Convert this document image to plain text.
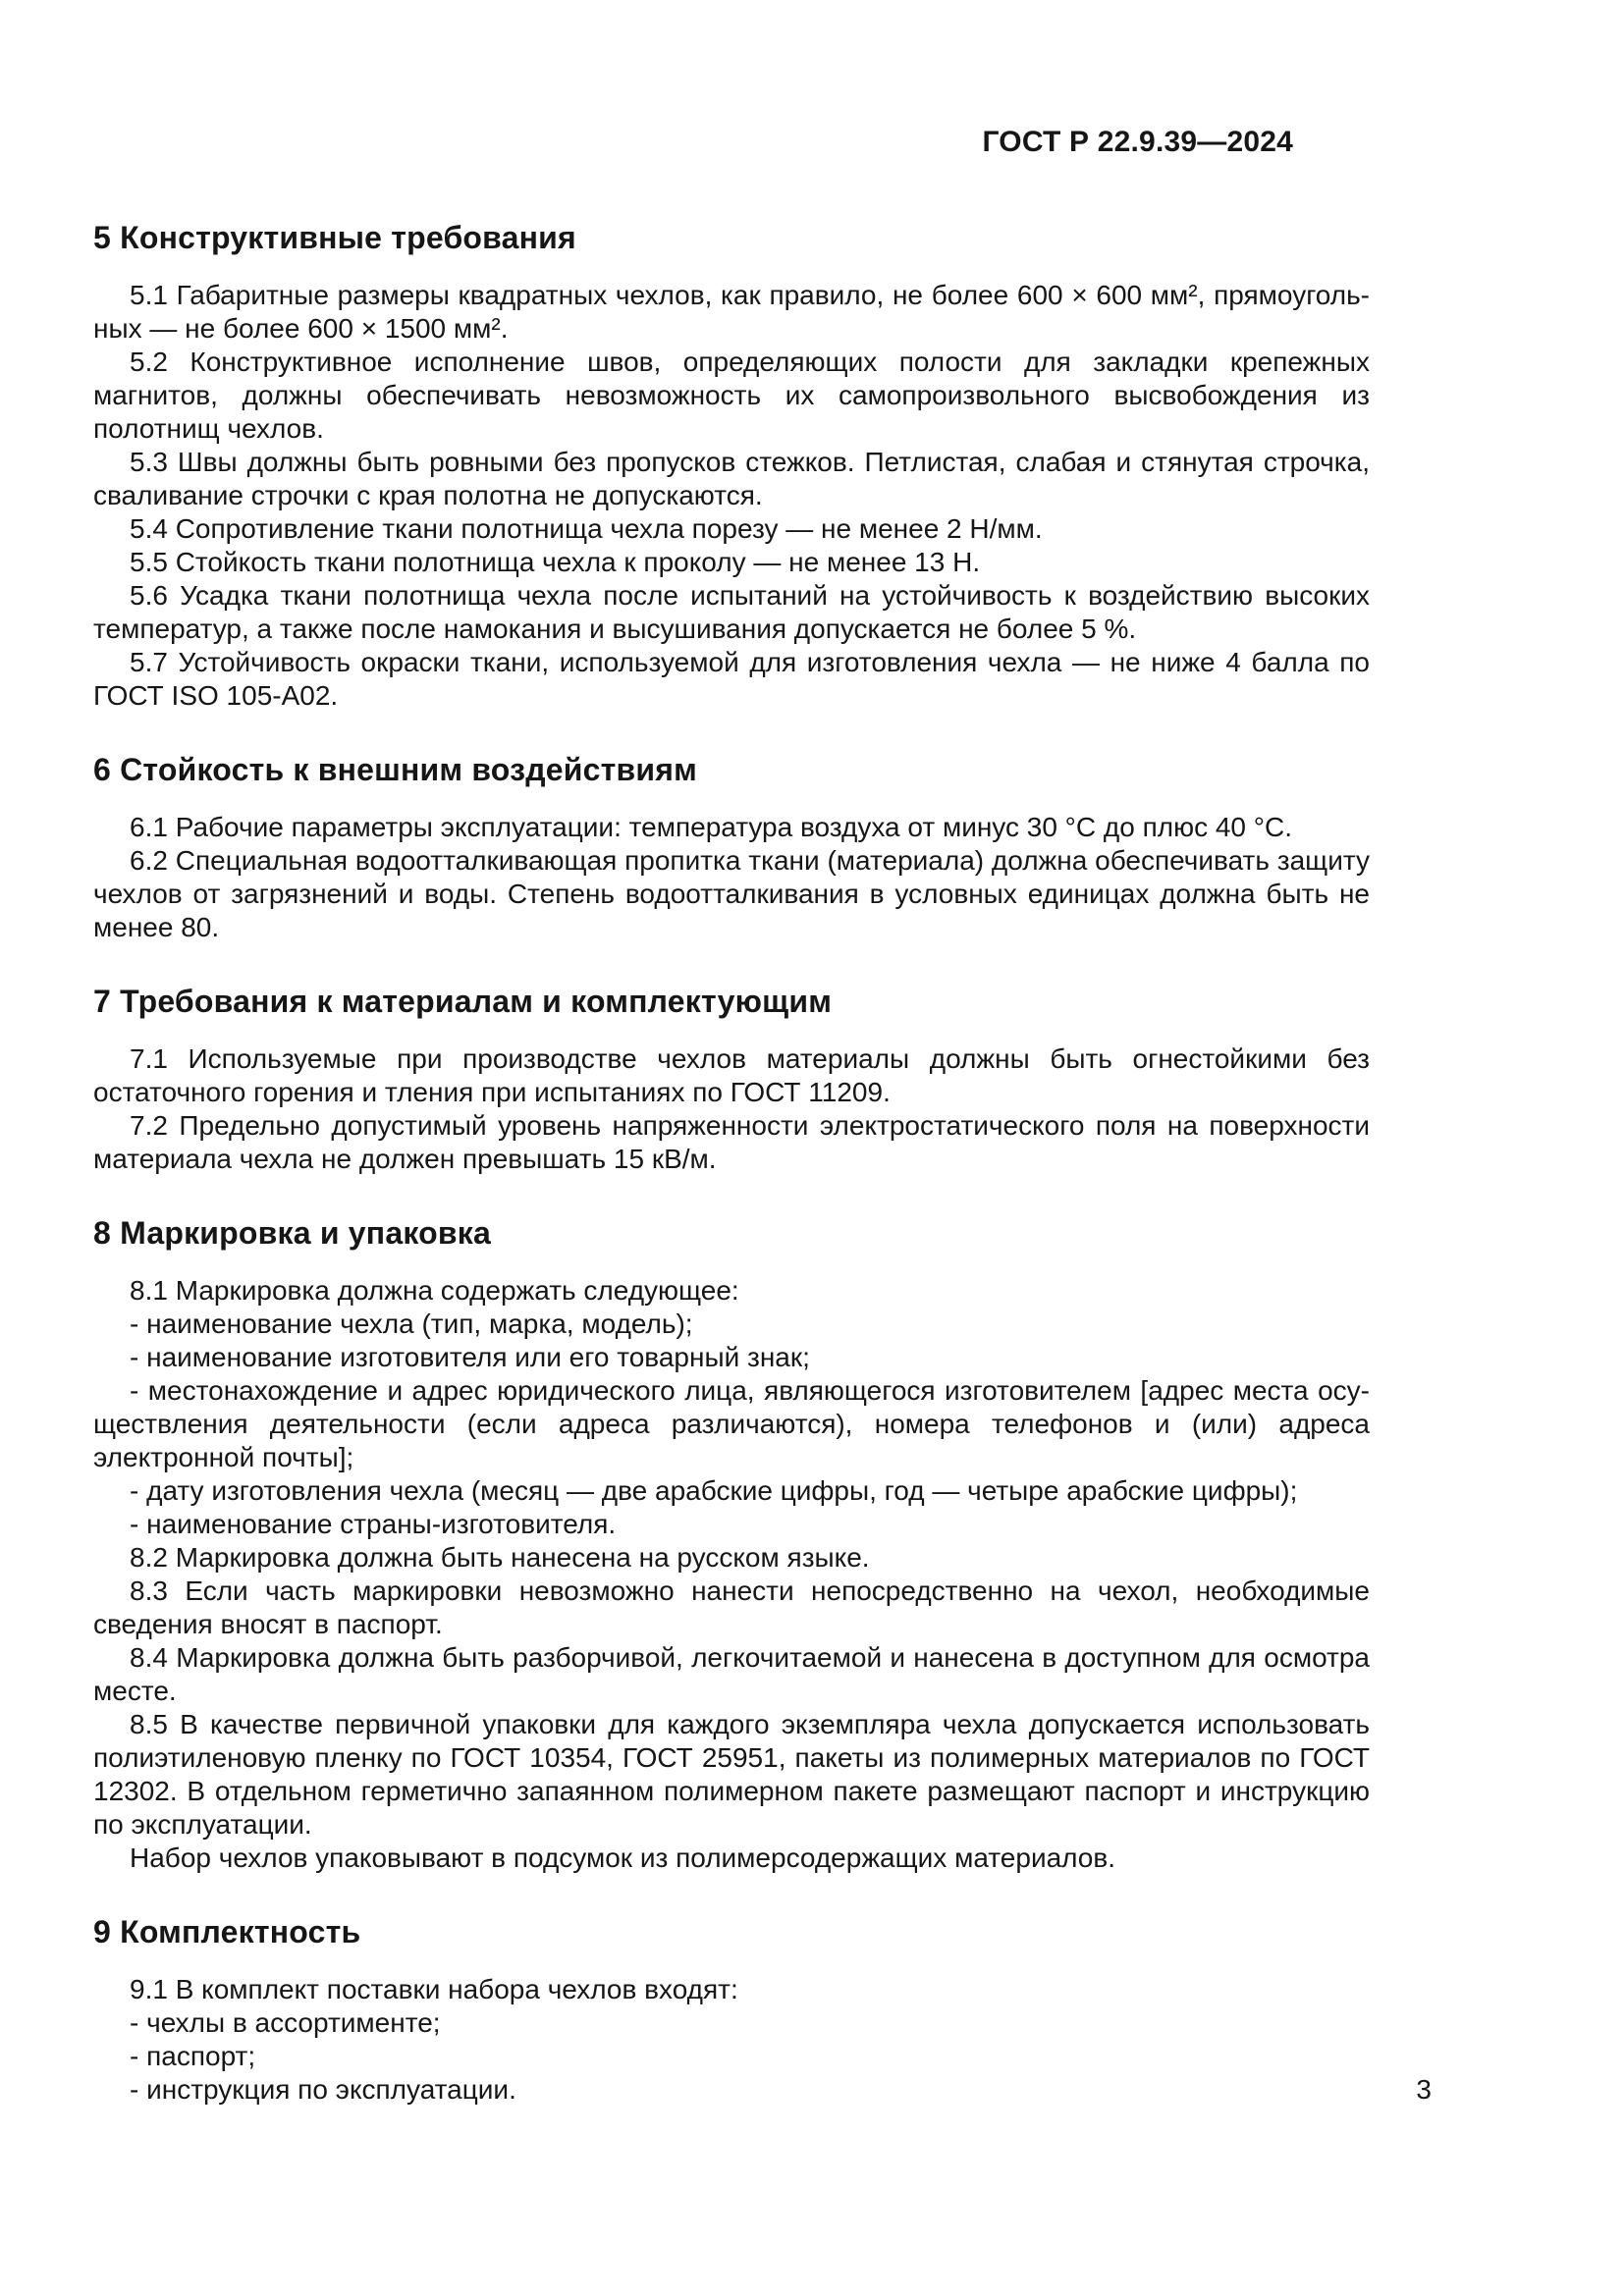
ГОСТ Р 22.9.39—2024
5 Конструктивные требования

5.1 Габаритные размеры квадратных чехлов, как правило, не более 600 × 600 мм², прямоугольных — не более 600 × 1500 мм².

5.2 Конструктивное исполнение швов, определяющих полости для закладки крепежных магнитов, должны обеспечивать невозможность их самопроизвольного высвобождения из полотнищ чехлов.

5.3 Швы должны быть ровными без пропусков стежков. Петлистая, слабая и стянутая строчка, сваливание строчки с края полотна не допускаются.

5.4 Сопротивление ткани полотнища чехла порезу — не менее 2 Н/мм.

5.5 Стойкость ткани полотнища чехла к проколу — не менее 13 Н.

5.6 Усадка ткани полотнища чехла после испытаний на устойчивость к воздействию высоких температур, а также после намокания и высушивания допускается не более 5 %.

5.7 Устойчивость окраски ткани, используемой для изготовления чехла — не ниже 4 балла по ГОСТ ISO 105-А02.

6 Стойкость к внешним воздействиям

6.1 Рабочие параметры эксплуатации: температура воздуха от минус 30 °С до плюс 40 °С.

6.2 Специальная водоотталкивающая пропитка ткани (материала) должна обеспечивать защиту чехлов от загрязнений и воды. Степень водоотталкивания в условных единицах должна быть не менее 80.

7 Требования к материалам и комплектующим

7.1 Используемые при производстве чехлов материалы должны быть огнестойкими без остаточного горения и тления при испытаниях по ГОСТ 11209.

7.2 Предельно допустимый уровень напряженности электростатического поля на поверхности материала чехла не должен превышать 15 кВ/м.

8 Маркировка и упаковка

8.1 Маркировка должна содержать следующее:

- наименование чехла (тип, марка, модель);

- наименование изготовителя или его товарный знак;

- местонахождение и адрес юридического лица, являющегося изготовителем [адрес места осуществления деятельности (если адреса различаются), номера телефонов и (или) адреса электронной почты];

- дату изготовления чехла (месяц — две арабские цифры, год — четыре арабские цифры);

- наименование страны-изготовителя.

8.2 Маркировка должна быть нанесена на русском языке.

8.3 Если часть маркировки невозможно нанести непосредственно на чехол, необходимые сведения вносят в паспорт.

8.4 Маркировка должна быть разборчивой, легкочитаемой и нанесена в доступном для осмотра месте.

8.5 В качестве первичной упаковки для каждого экземпляра чехла допускается использовать полиэтиленовую пленку по ГОСТ 10354, ГОСТ 25951, пакеты из полимерных материалов по ГОСТ 12302. В отдельном герметично запаянном полимерном пакете размещают паспорт и инструкцию по эксплуатации.

Набор чехлов упаковывают в подсумок из полимерсодержащих материалов.

9 Комплектность

9.1 В комплект поставки набора чехлов входят:

- чехлы в ассортименте;

- паспорт;

- инструкция по эксплуатации.	3
